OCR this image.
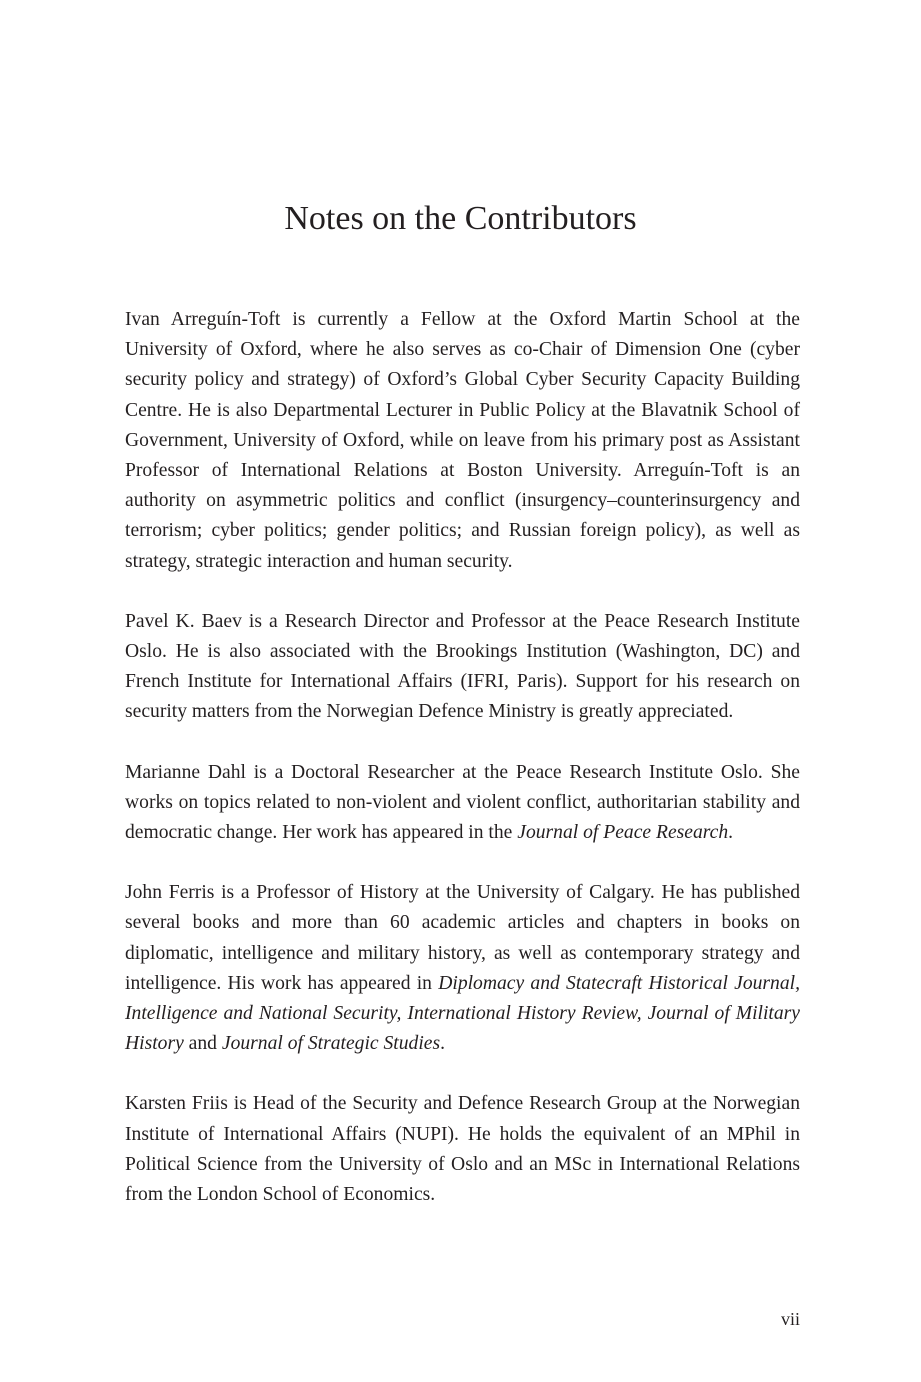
Notes on the Contributors

Ivan Arreguín-Toft is currently a Fellow at the Oxford Martin School at the University of Oxford, where he also serves as co-Chair of Dimension One (cyber security policy and strategy) of Oxford’s Global Cyber Security Capacity Building Centre. He is also Departmental Lecturer in Public Policy at the Blavatnik School of Government, University of Oxford, while on leave from his primary post as Assistant Professor of International Relations at Boston University. Arreguín-Toft is an authority on asymmetric politics and conflict (insurgency–counterinsurgency and terrorism; cyber politics; gender politics; and Russian foreign policy), as well as strategy, strategic interaction and human security.

Pavel K. Baev is a Research Director and Professor at the Peace Research Institute Oslo. He is also associated with the Brookings Institution (Washington, DC) and French Institute for International Affairs (IFRI, Paris). Support for his research on security matters from the Norwegian Defence Ministry is greatly appreciated.

Marianne Dahl is a Doctoral Researcher at the Peace Research Institute Oslo. She works on topics related to non-violent and violent conflict, authoritarian stability and democratic change. Her work has appeared in the Journal of Peace Research.

John Ferris is a Professor of History at the University of Calgary. He has published several books and more than 60 academic articles and chapters in books on diplomatic, intelligence and military history, as well as contemporary strategy and intelligence. His work has appeared in Diplomacy and Statecraft Historical Journal, Intelligence and National Security, International History Review, Journal of Military History and Journal of Strategic Studies.

Karsten Friis is Head of the Security and Defence Research Group at the Norwegian Institute of International Affairs (NUPI). He holds the equivalent of an MPhil in Political Science from the University of Oslo and an MSc in International Relations from the London School of Economics.

vii
